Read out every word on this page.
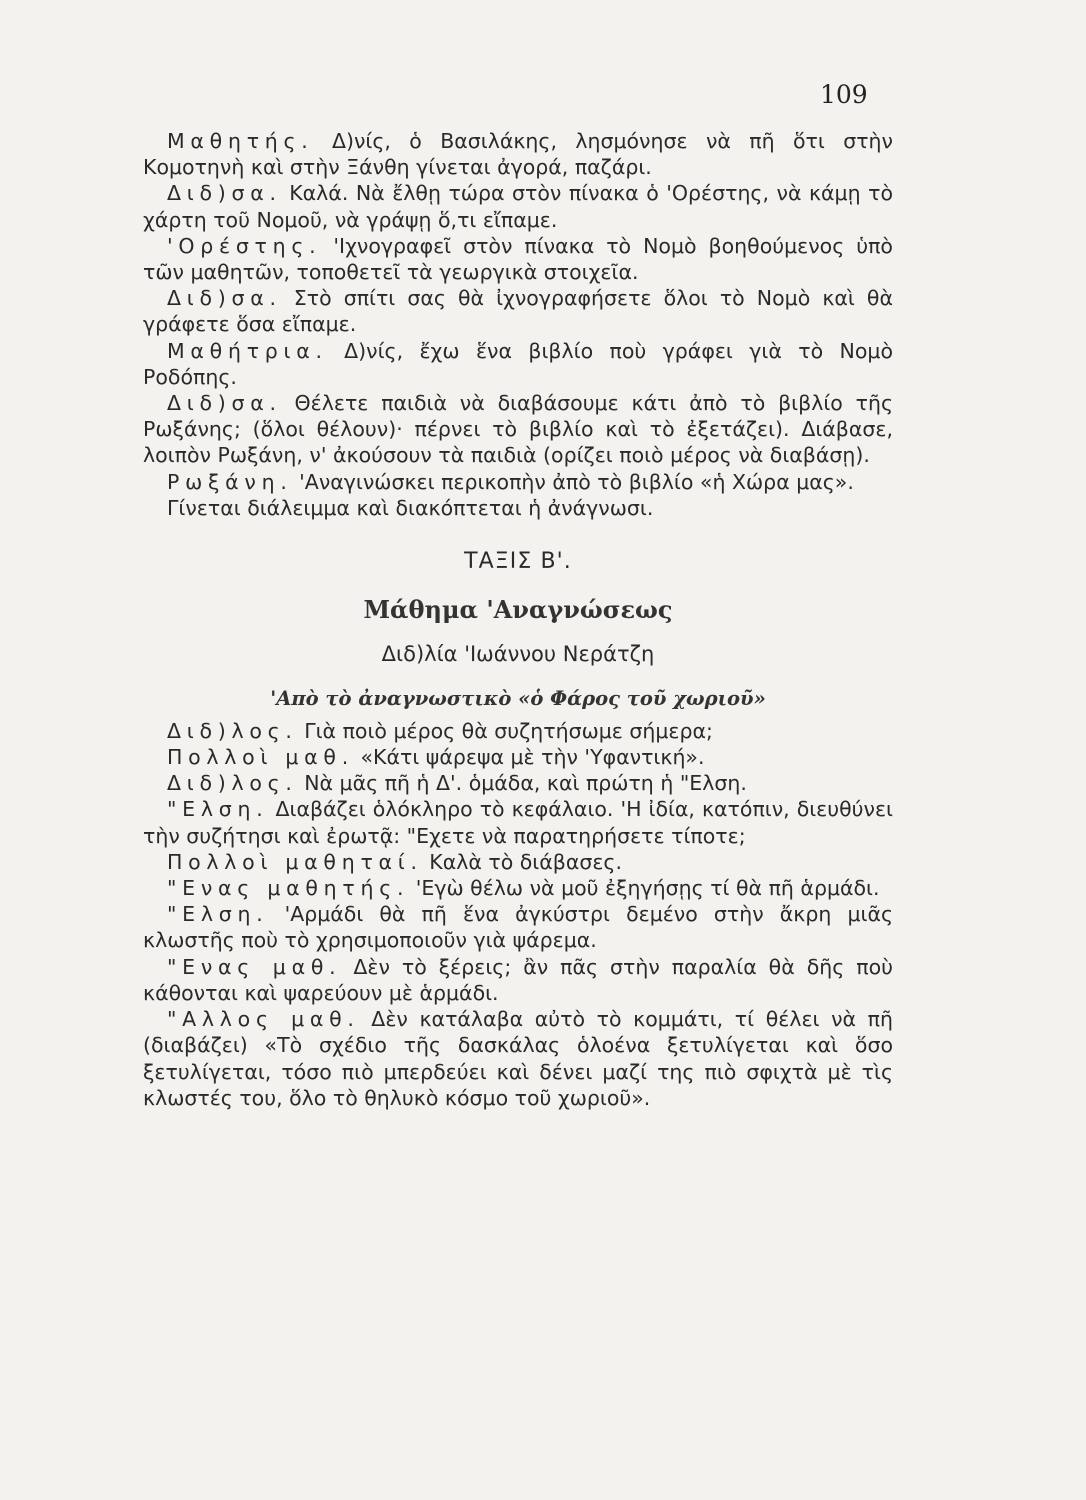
109

Μαθητής. Δ)νίς, ὁ Βασιλάκης, λησμόνησε νὰ πῆ ὅτι στὴν Κομοτηνὴ καὶ στὴν Ξάνθη γίνεται ἀγορά, παζάρι.

Διδ)σα. Καλά. Νὰ ἔλθῃ τώρα στὸν πίνακα ὁ 'Ορέστης, νὰ κάμῃ τὸ χάρτη τοῦ Νομοῦ, νὰ γράψῃ ὅ,τι εἴπαμε.

'Ορέστης. 'Ιχνογραφεῖ στὸν πίνακα τὸ Νομὸ βοηθούμενος ὑπὸ τῶν μαθητῶν, τοποθετεῖ τὰ γεωργικὰ στοιχεῖα.

Διδ)σα. Στὸ σπίτι σας θὰ ἰχνογραφήσετε ὅλοι τὸ Νομὸ καὶ θὰ γράφετε ὅσα εἴπαμε.

Μαθήτρια. Δ)νίς, ἔχω ἕνα βιβλίο ποὺ γράφει γιὰ τὸ Νομὸ Ροδόπης.

Διδ)σα. Θέλετε παιδιὰ νὰ διαβάσουμε κάτι ἀπὸ τὸ βιβλίο τῆς Ρωξάνης; (ὅλοι θέλουν)· πέρνει τὸ βιβλίο καὶ τὸ ἐξετάζει). Διάβασε, λοιπὸν Ρωξάνη, ν' ἀκούσουν τὰ παιδιὰ (ορίζει ποιὸ μέρος νὰ διαβάσῃ).

Ρωξάνη. 'Αναγινώσκει περικοπὴν ἀπὸ τὸ βιβλίο «ἡ Χώρα μας».

Γίνεται διάλειμμα καὶ διακόπτεται ἡ ἀνάγνωσι.

ΤΑΞΙΣ Β'.
Μάθημα 'Αναγνώσεως
Διδ)λία 'Ιωάννου Νεράτζη
'Απὸ τὸ ἀναγνωστικὸ «ὁ Φάρος τοῦ χωριοῦ»

Διδ)λος. Γιὰ ποιὸ μέρος θὰ συζητήσωμε σήμερα;

Πολλοὶ μαθ. «Κάτι ψάρεψα μὲ τὴν 'Υφαντική».

Διδ)λος. Νὰ μᾶς πῆ ἡ Δ'. ὁμάδα, καὶ πρώτη ἡ "Ελση.

"Ελση. Διαβάζει ὁλόκληρο τὸ κεφάλαιο. 'Η ἰδία, κατόπιν, διευθύνει τὴν συζήτησι καὶ ἐρωτᾷ: "Εχετε νὰ παρατηρήσετε τίποτε;

Πολλοὶ μαθηταί. Καλὰ τὸ διάβασες.

"Ενας μαθητής. 'Εγὼ θέλω νὰ μοῦ ἐξηγήσῃς τί θὰ πῆ ἁρμάδι.

"Ελση. 'Αρμάδι θὰ πῆ ἕνα ἀγκύστρι δεμένο στὴν ἄκρη μιᾶς κλωστῆς ποὺ τὸ χρησιμοποιοῦν γιὰ ψάρεμα.

"Ενας μαθ. Δὲν τὸ ξέρεις; ἂν πᾶς στὴν παραλία θὰ δῆς ποὺ κάθονται καὶ ψαρεύουν μὲ ἁρμάδι.

"Αλλος μαθ. Δὲν κατάλαβα αὐτὸ τὸ κομμάτι, τί θέλει νὰ πῆ (διαβάζει) «Τὸ σχέδιο τῆς δασκάλας ὁλοένα ξετυλίγεται καὶ ὅσο ξετυλίγεται, τόσο πιὸ μπερδεύει καὶ δένει μαζί της πιὸ σφιχτὰ μὲ τὶς κλωστές του, ὅλο τὸ θηλυκὸ κόσμο τοῦ χωριοῦ».
